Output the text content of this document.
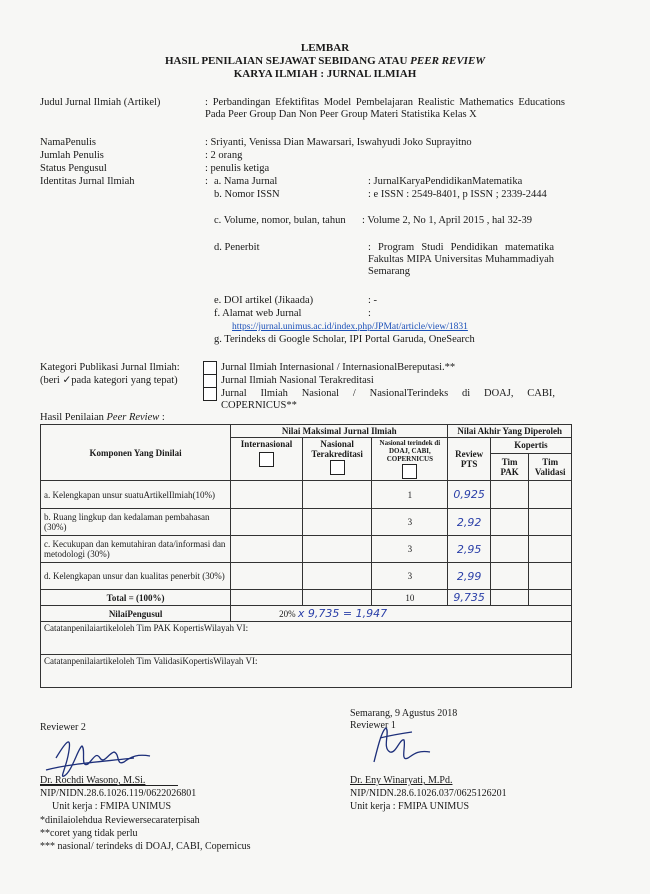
LEMBAR
HASIL PENILAIAN SEJAWAT SEBIDANG ATAU PEER REVIEW
KARYA ILMIAH : JURNAL ILMIAH
Judul Jurnal Ilmiah (Artikel)	: Perbandingan Efektifitas Model Pembelajaran Realistic Mathematics Educations Pada Peer Group Dan Non Peer Group Materi Statistika Kelas X
NamaPenulis	: Sriyanti, Venissa Dian Mawarsari, Iswahyudi Joko Suprayitno
Jumlah Penulis	: 2 orang
Status Pengusul	: penulis ketiga
Identitas Jurnal Ilmiah	: a. Nama Jurnal	: JurnalKaryaPendidikanMatematika
b. Nomor ISSN	: e ISSN : 2549-8401, p ISSN ; 2339-2444
c. Volume, nomor, bulan, tahun : Volume 2, No 1, April 2015 , hal 32-39
d. Penerbit	: Program Studi Pendidikan matematika Fakultas MIPA Universitas Muhammadiyah Semarang
e. DOI artikel (Jikaada)	: -
f. Alamat web Jurnal	:
https://jurnal.unimus.ac.id/index.php/JPMat/article/view/1831
g. Terindeks di Google Scholar, IPI Portal Garuda, OneSearch
Kategori Publikasi Jurnal Ilmiah:
(beri ✓pada kategori yang tepat)
Jurnal Ilmiah Internasional / InternasionalBereputasi.**
Jurnal Ilmiah Nasional Terakreditasi
Jurnal Ilmiah Nasional / NasionalTerindeks di DOAJ, CABI, COPERNICUS**
Hasil Penilaian Peer Review :
Komponen Yang Dinilai	Nilai Maksimal Jurnal Ilmiah			Nilai Akhir Yang Diperoleh		

	Internasional	Nasional Terakreditasi	Nasional terindek di DOAJ, CABI, COPERNICUS	Review PTS	Kopertis	
					Tim PAK	Tim Validasi
a. Kelengkapan unsur suatuArtikelIlmiah(10%)			1	0,925		
b. Ruang lingkup dan kedalaman pembahasan (30%)			3	2,92		
c. Kecukupan dan kemutahiran data/informasi dan metodologi (30%)			3	2,95		
d. Kelengkapan unsur dan kualitas penerbit (30%)			3	2,99		
Total = (100%)			10	9,735		
NilaiPengusul	20% x 9,735 = 1,947					
Catatanpenilaiartikeloleh Tim PAK KopertisWilayah VI:						
Catatanpenilaiartikeloleh Tim ValidasiKopertisWilayah VI:						
Reviewer 2
Dr. Rochdi Wasono, M.Si.
NIP/NIDN.28.6.1026.119/0622026801
Unit kerja : FMIPA UNIMUS
Semarang, 9 Agustus 2018
Reviewer 1
Dr. Eny Winaryati, M.Pd.
NIP/NIDN.28.6.1026.037/0625126201
Unit kerja : FMIPA UNIMUS
*dinilaiolehdua Reviewersecaraterpisah
**coret yang tidak perlu
*** nasional/ terindeks di DOAJ, CABI, Copernicus
